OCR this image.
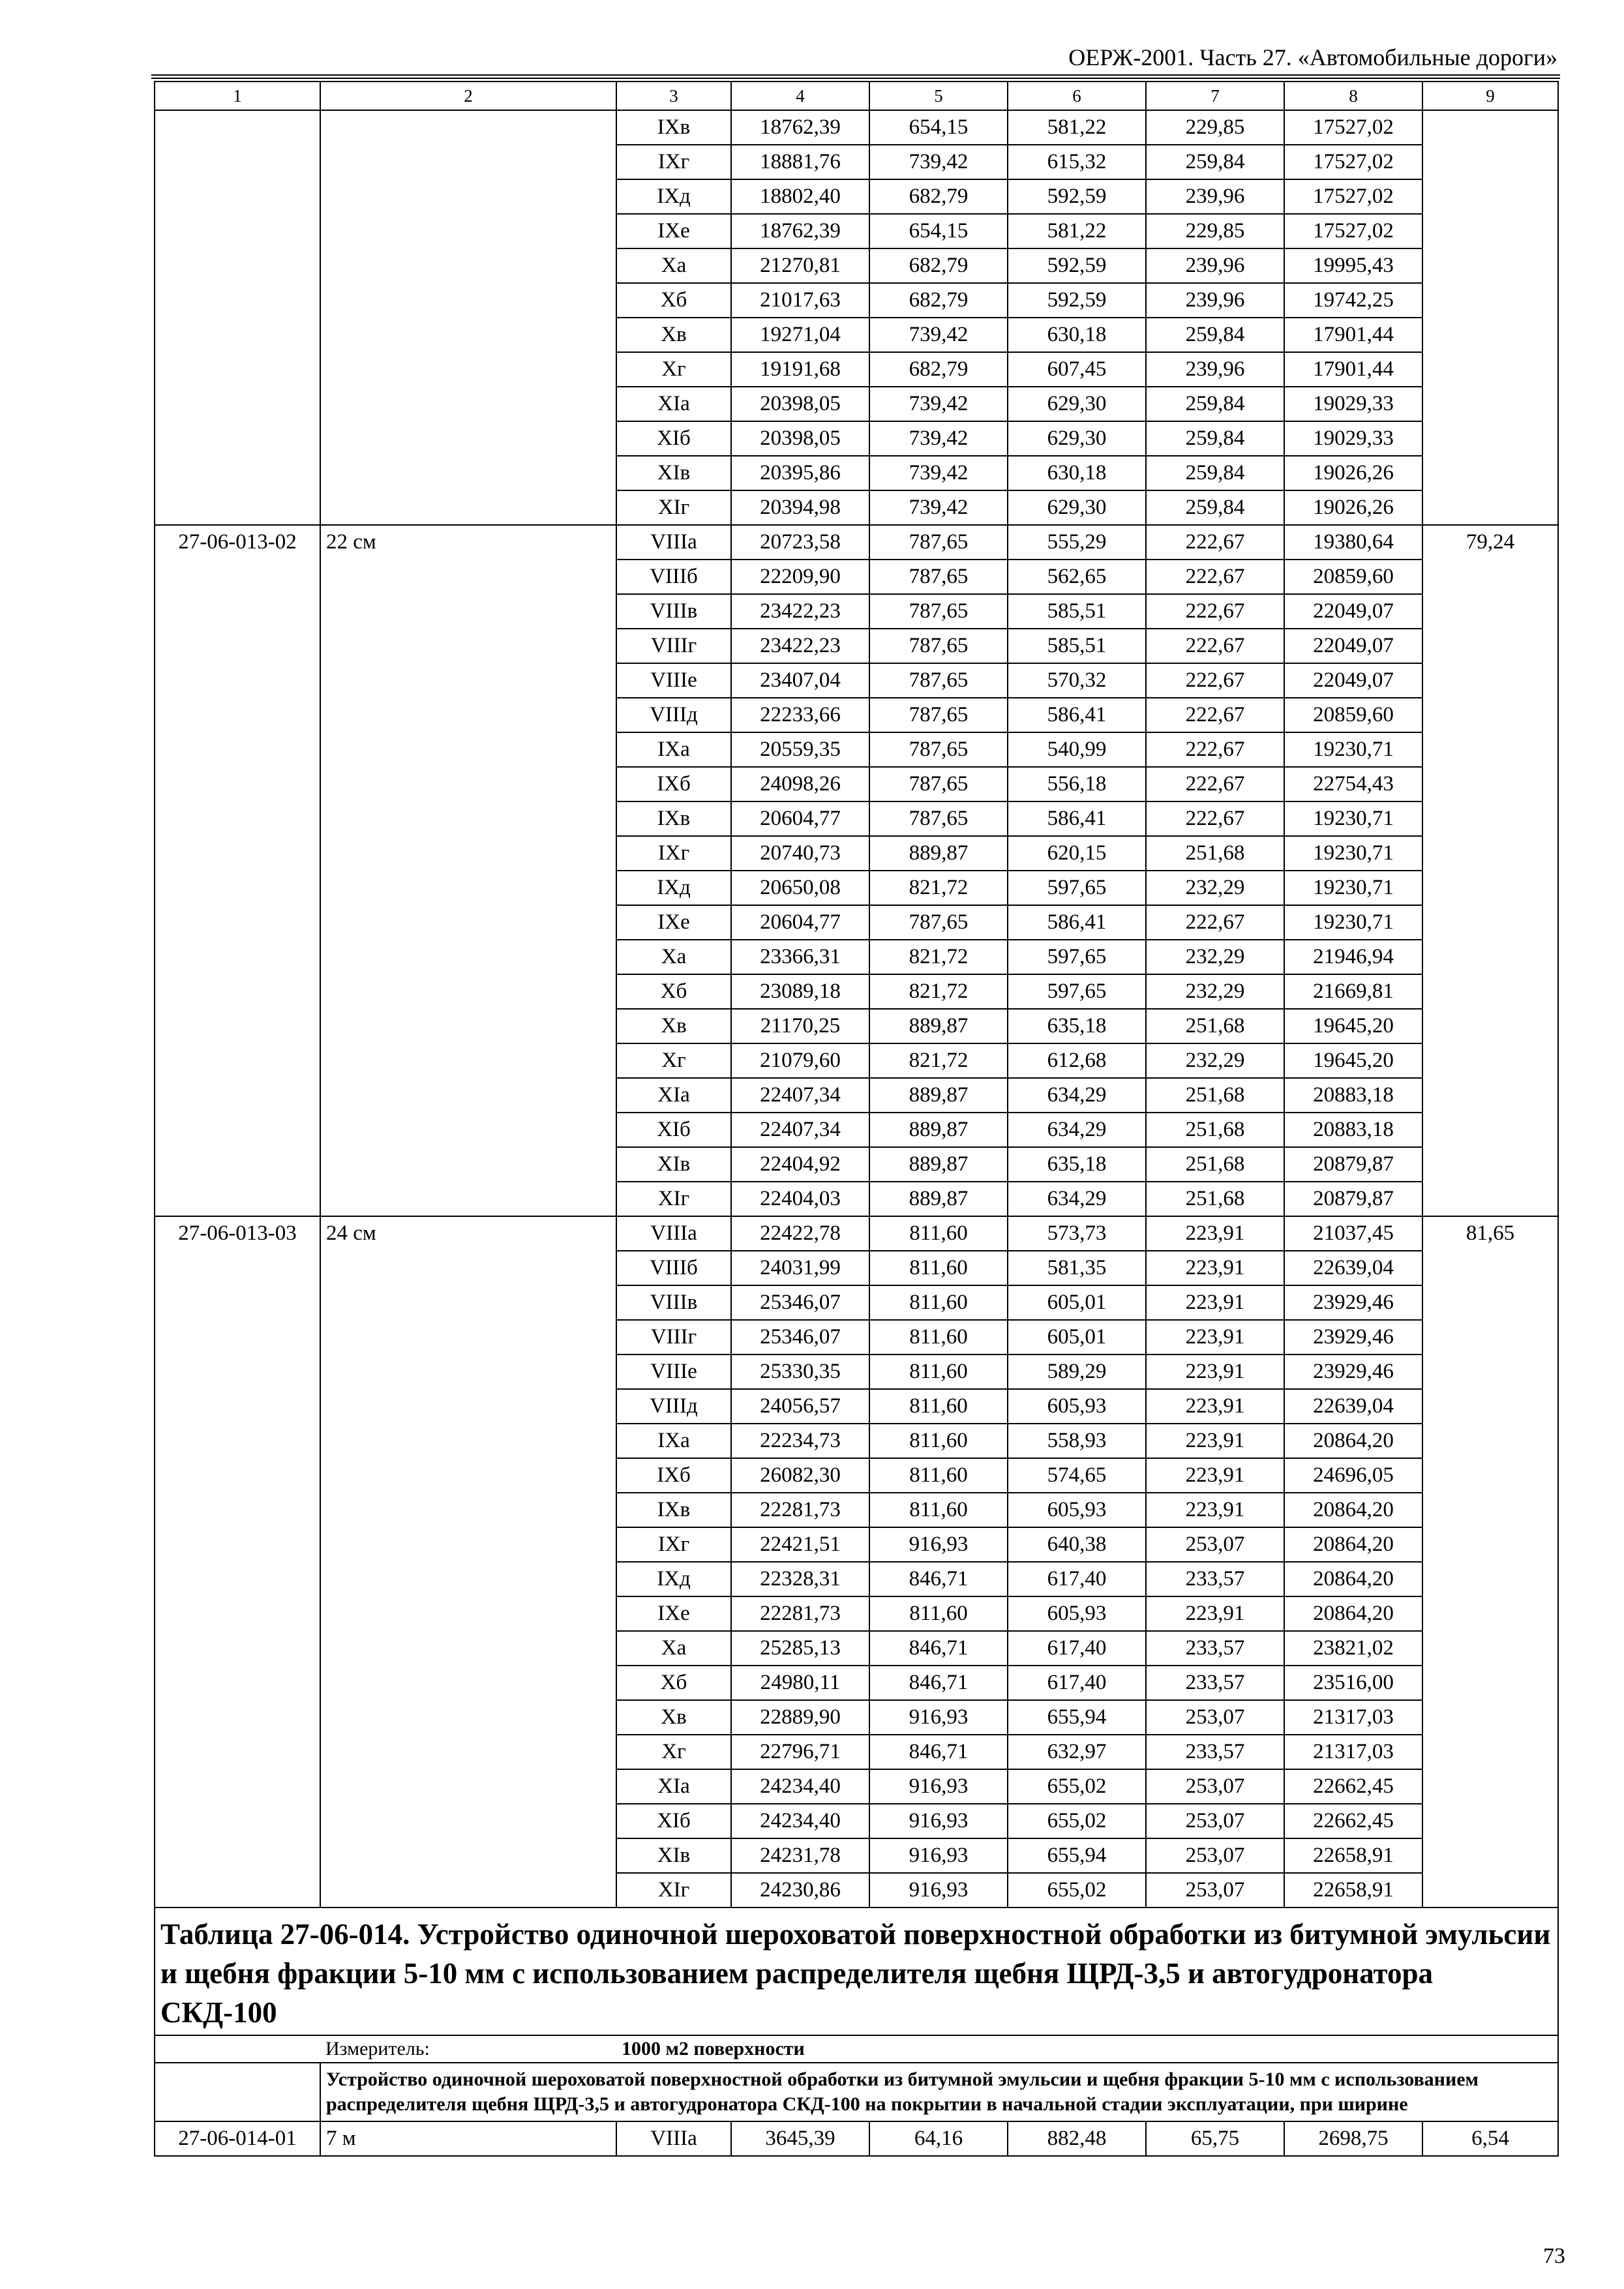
ОЕРЖ-2001. Часть 27. «Автомобильные дороги»
1	2	3	4	5	6	7	8	9
		IXв	18762,39	654,15	581,22	229,85	17527,02	
		IXг	18881,76	739,42	615,32	259,84	17527,02	
		IXд	18802,40	682,79	592,59	239,96	17527,02	
		IXе	18762,39	654,15	581,22	229,85	17527,02	
		Xа	21270,81	682,79	592,59	239,96	19995,43	
		Xб	21017,63	682,79	592,59	239,96	19742,25	
		Xв	19271,04	739,42	630,18	259,84	17901,44	
		Xг	19191,68	682,79	607,45	239,96	17901,44	
		XIа	20398,05	739,42	629,30	259,84	19029,33	
		XIб	20398,05	739,42	629,30	259,84	19029,33	
		XIв	20395,86	739,42	630,18	259,84	19026,26	
		XIг	20394,98	739,42	629,30	259,84	19026,26	
27-06-013-02	22 см	VIIIа	20723,58	787,65	555,29	222,67	19380,64	79,24
		VIIIб	22209,90	787,65	562,65	222,67	20859,60	
		VIIIв	23422,23	787,65	585,51	222,67	22049,07	
		VIIIг	23422,23	787,65	585,51	222,67	22049,07	
		VIIIе	23407,04	787,65	570,32	222,67	22049,07	
		VIIIд	22233,66	787,65	586,41	222,67	20859,60	
		IXа	20559,35	787,65	540,99	222,67	19230,71	
		IXб	24098,26	787,65	556,18	222,67	22754,43	
		IXв	20604,77	787,65	586,41	222,67	19230,71	
		IXг	20740,73	889,87	620,15	251,68	19230,71	
		IXд	20650,08	821,72	597,65	232,29	19230,71	
		IXе	20604,77	787,65	586,41	222,67	19230,71	
		Xа	23366,31	821,72	597,65	232,29	21946,94	
		Xб	23089,18	821,72	597,65	232,29	21669,81	
		Xв	21170,25	889,87	635,18	251,68	19645,20	
		Xг	21079,60	821,72	612,68	232,29	19645,20	
		XIа	22407,34	889,87	634,29	251,68	20883,18	
		XIб	22407,34	889,87	634,29	251,68	20883,18	
		XIв	22404,92	889,87	635,18	251,68	20879,87	
		XIг	22404,03	889,87	634,29	251,68	20879,87	
27-06-013-03	24 см	VIIIа	22422,78	811,60	573,73	223,91	21037,45	81,65
		VIIIб	24031,99	811,60	581,35	223,91	22639,04	
		VIIIв	25346,07	811,60	605,01	223,91	23929,46	
		VIIIг	25346,07	811,60	605,01	223,91	23929,46	
		VIIIе	25330,35	811,60	589,29	223,91	23929,46	
		VIIIд	24056,57	811,60	605,93	223,91	22639,04	
		IXа	22234,73	811,60	558,93	223,91	20864,20	
		IXб	26082,30	811,60	574,65	223,91	24696,05	
		IXв	22281,73	811,60	605,93	223,91	20864,20	
		IXг	22421,51	916,93	640,38	253,07	20864,20	
		IXд	22328,31	846,71	617,40	233,57	20864,20	
		IXе	22281,73	811,60	605,93	223,91	20864,20	
		Xа	25285,13	846,71	617,40	233,57	23821,02	
		Xб	24980,11	846,71	617,40	233,57	23516,00	
		Xв	22889,90	916,93	655,94	253,07	21317,03	
		Xг	22796,71	846,71	632,97	233,57	21317,03	
		XIа	24234,40	916,93	655,02	253,07	22662,45	
		XIб	24234,40	916,93	655,02	253,07	22662,45	
		XIв	24231,78	916,93	655,94	253,07	22658,91	
		XIг	24230,86	916,93	655,02	253,07	22658,91	
Таблица 27-06-014. Устройство одиночной шероховатой поверхностной обработки из битумной эмульсии и щебня фракции 5-10 мм с использованием распределителя щебня ЩРД-3,5 и автогудронатора СКД-100								
	Измеритель:	1000 м2 поверхности						
	Устройство одиночной шероховатой поверхностной обработки из битумной эмульсии и щебня фракции 5-10 мм с использованием распределителя щебня ЩРД-3,5 и автогудронатора СКД-100 на покрытии в начальной стадии эксплуатации, при ширине							
27-06-014-01	7 м	VIIIа	3645,39	64,16	882,48	65,75	2698,75	6,54
73
